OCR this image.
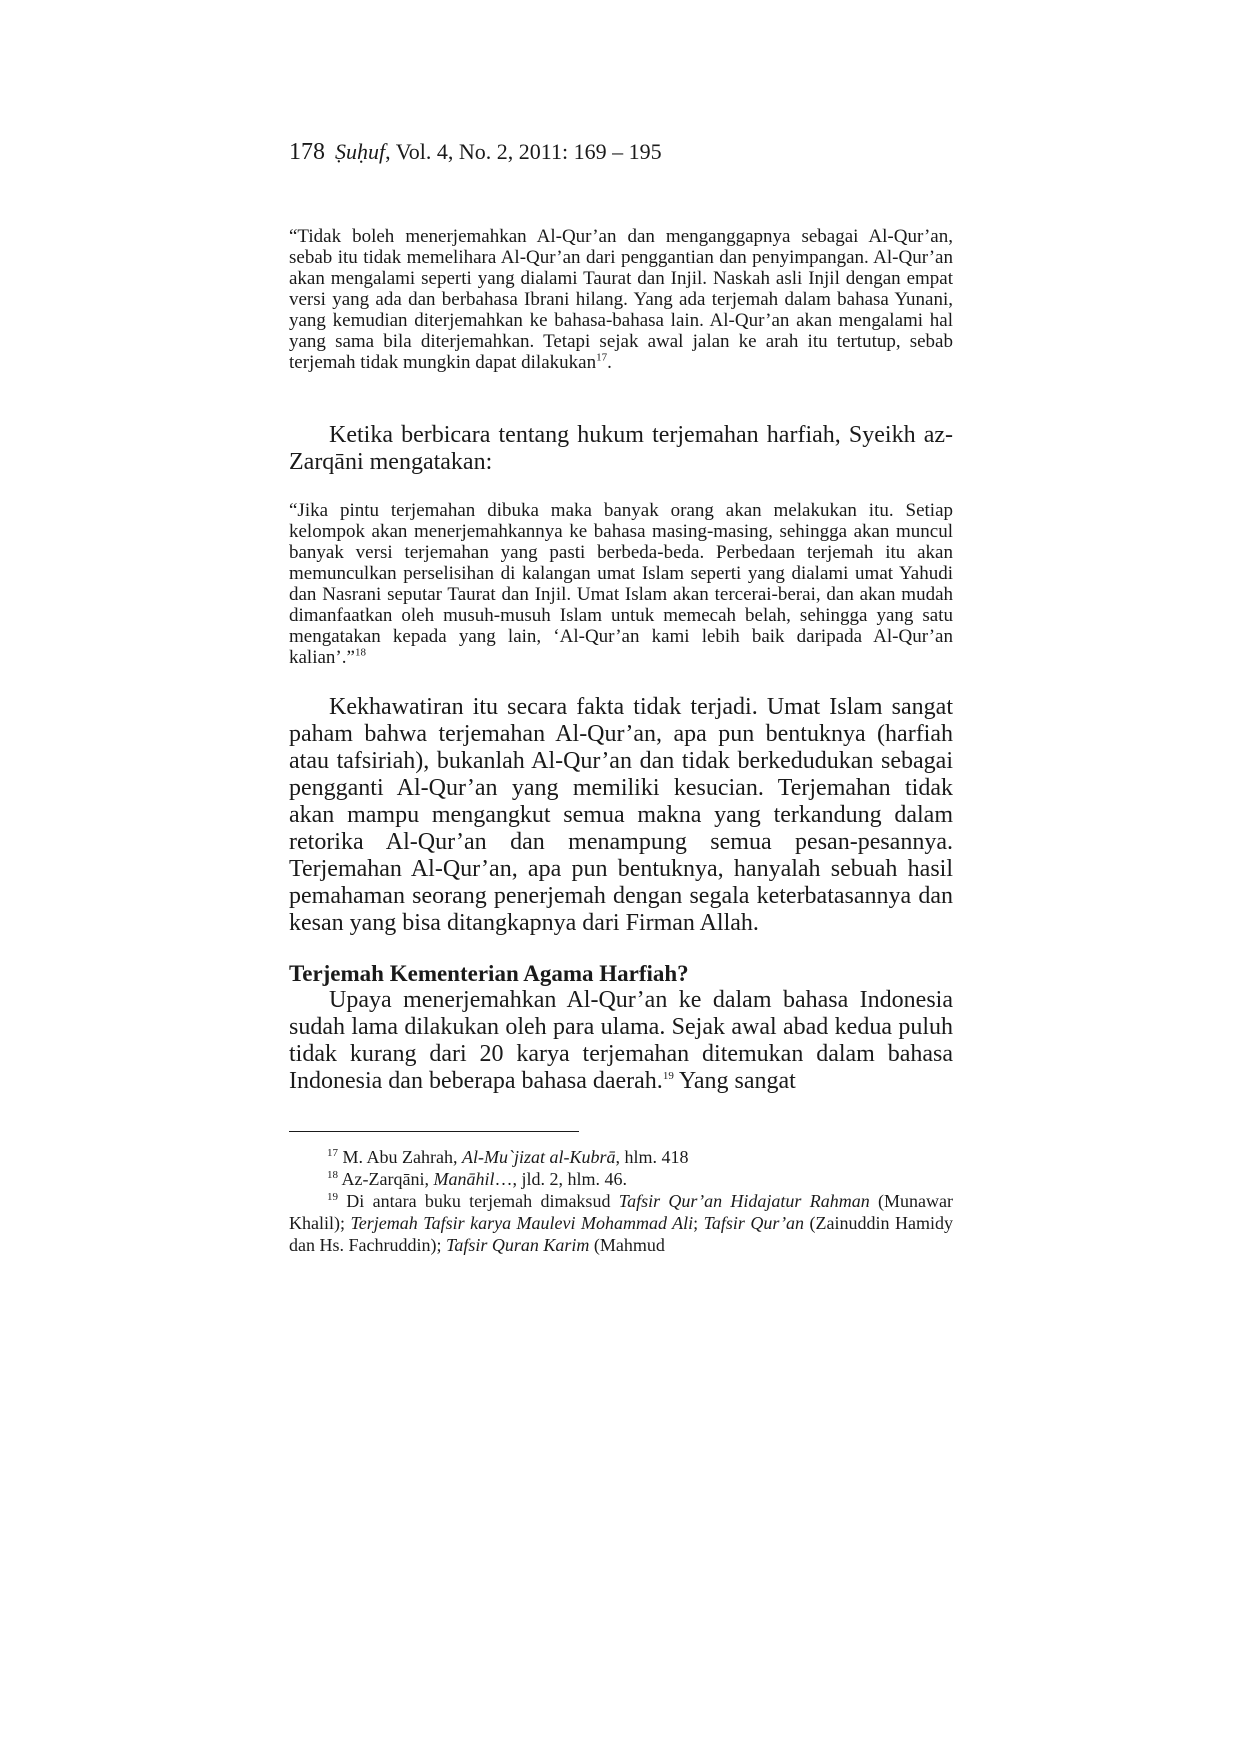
178 Ṣuḥuf, Vol. 4, No. 2, 2011: 169 – 195

“Tidak boleh menerjemahkan Al-Qur’an dan menganggapnya sebagai Al-Qur’an, sebab itu tidak memelihara Al-Qur’an dari penggantian dan penyimpangan. Al-Qur’an akan mengalami seperti yang dialami Taurat dan Injil. Naskah asli Injil dengan empat versi yang ada dan berbahasa Ibrani hilang. Yang ada terjemah dalam bahasa Yunani, yang kemudian diterjemahkan ke bahasa-bahasa lain. Al-Qur’an akan mengalami hal yang sama bila diterjemahkan. Tetapi sejak awal jalan ke arah itu tertutup, sebab terjemah tidak mungkin dapat dilakukan$^{17}$.

Ketika berbicara tentang hukum terjemahan harfiah, Syeikh az-Zarqāni mengatakan:

“Jika pintu terjemahan dibuka maka banyak orang akan melakukan itu. Setiap kelompok akan menerjemahkannya ke bahasa masing-masing, sehingga akan muncul banyak versi terjemahan yang pasti berbeda-beda. Perbedaan terjemah itu akan memunculkan perselisihan di kalangan umat Islam seperti yang dialami umat Yahudi dan Nasrani seputar Taurat dan Injil. Umat Islam akan tercerai-berai, dan akan mudah dimanfaatkan oleh musuh-musuh Islam untuk memecah belah, sehingga yang satu mengatakan kepada yang lain, ‘Al-Qur’an kami lebih baik daripada Al-Qur’an kalian’.”$^{18}$

Kekhawatiran itu secara fakta tidak terjadi. Umat Islam sangat paham bahwa terjemahan Al-Qur’an, apa pun bentuknya (harfiah atau tafsiriah), bukanlah Al-Qur’an dan tidak berkedudukan sebagai pengganti Al-Qur’an yang memiliki kesucian. Terjemahan tidak akan mampu mengangkut semua makna yang terkandung dalam retorika Al-Qur’an dan menampung semua pesan-pesannya. Terjemahan Al-Qur’an, apa pun bentuknya, hanyalah sebuah hasil pemahaman seorang penerjemah dengan segala keterbatasannya dan kesan yang bisa ditangkapnya dari Firman Allah.

Terjemah Kementerian Agama Harfiah?

Upaya menerjemahkan Al-Qur’an ke dalam bahasa Indonesia sudah lama dilakukan oleh para ulama. Sejak awal abad kedua puluh tidak kurang dari 20 karya terjemahan ditemukan dalam bahasa Indonesia dan beberapa bahasa daerah.$^{19}$ Yang sangat

$^{17}$ M. Abu Zahrah, Al-Mu`jizat al-Kubrā, hlm. 418

$^{18}$ Az-Zarqāni, Manāhil…, jld. 2, hlm. 46.

$^{19}$ Di antara buku terjemah dimaksud Tafsir Qur’an Hidajatur Rahman (Munawar Khalil); Terjemah Tafsir karya Maulevi Mohammad Ali; Tafsir Qur’an (Zainuddin Hamidy dan Hs. Fachruddin); Tafsir Quran Karim (Mahmud
